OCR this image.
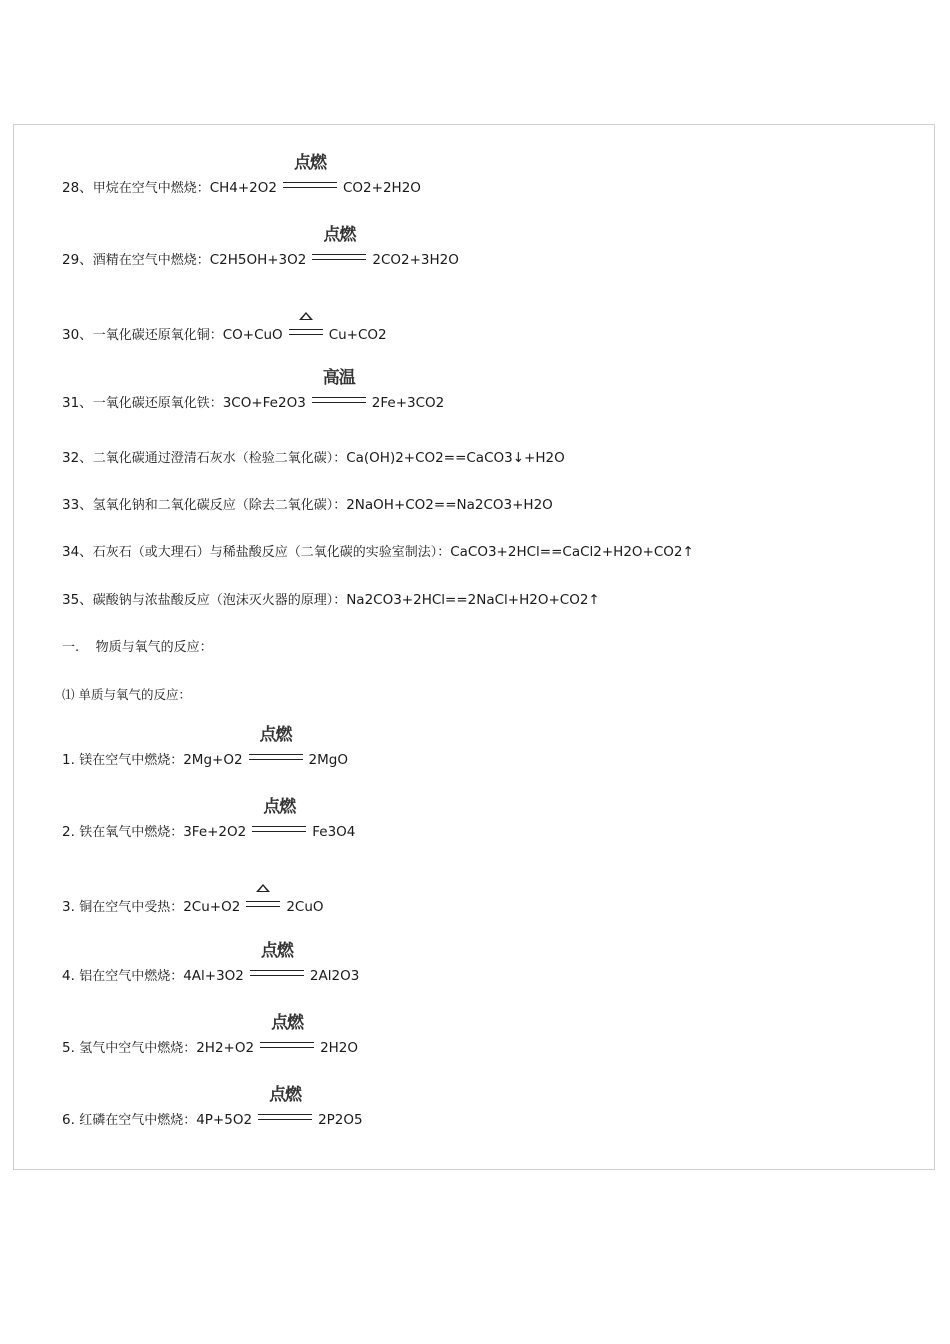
28、甲烷在空气中燃烧：CH4+2O2
点燃
CO2+2H2O
29、酒精在空气中燃烧：C2H5OH+3O2
点燃
2CO2+3H2O
30、一氧化碳还原氧化铜：CO+CuO	Cu+CO2
31、一氧化碳还原氧化铁：3CO+Fe2O3
高温
2Fe+3CO2
32、二氧化碳通过澄清石灰水（检验二氧化碳）：Ca(OH)2+CO2==CaCO3↓+H2O
33、氢氧化钠和二氧化碳反应（除去二氧化碳）：2NaOH+CO2==Na2CO3+H2O
34、石灰石（或大理石）与稀盐酸反应（二氧化碳的实验室制法）：CaCO3+2HCl==CaCl2+H2O+CO2↑
35、碳酸钠与浓盐酸反应（泡沫灭火器的原理）：Na2CO3+2HCl==2NaCl+H2O+CO2↑
一.    物质与氧气的反应：
⑴ 单质与氧气的反应：
1. 镁在空气中燃烧：2Mg+O2
点燃
2MgO
2. 铁在氧气中燃烧：3Fe+2O2
点燃
Fe3O4
3. 铜在空气中受热：2Cu+O2	2CuO
4. 铝在空气中燃烧：4Al+3O2
点燃
2Al2O3
5. 氢气中空气中燃烧：2H2+O2
点燃
2H2O
6. 红磷在空气中燃烧：4P+5O2
点燃
2P2O5
